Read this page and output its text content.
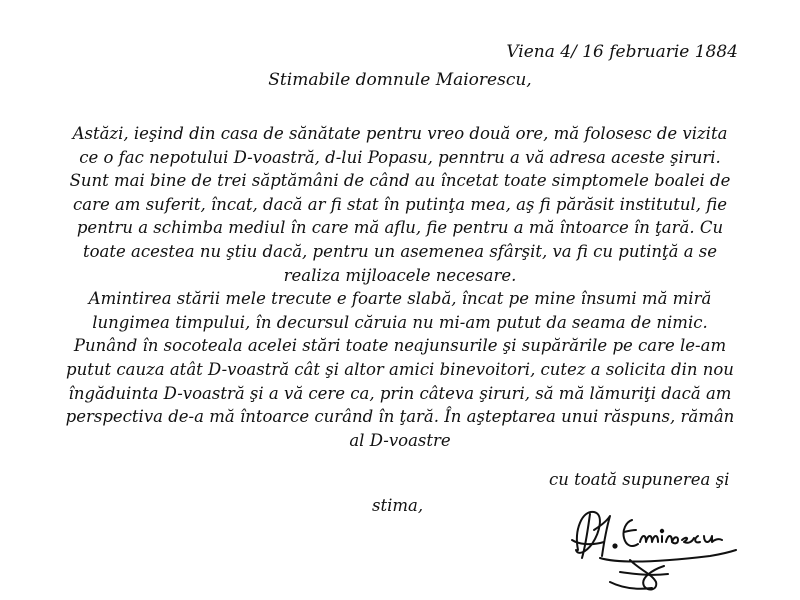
Viena 4/ 16 februarie 1884
Stimabile domnule Maiorescu,

Astăzi, ieşind din casa de sănătate pentru vreo două ore, mă folosesc de vizita ce o fac nepotului D-voastră, d-lui Popasu, penntru a vă adresa aceste şiruri. Sunt mai bine de trei săptămâni de când au încetat toate simptomele boalei de care am suferit, încat, dacă ar fi stat în putinţa mea, aş fi părăsit institutul, fie pentru a schimba mediul în care mă aflu, fie pentru a mă întoarce în ţară. Cu toate acestea nu ştiu dacă, pentru un asemenea sfârşit, va fi cu putinţă a se realiza mijloacele necesare.

Amintirea stării mele trecute e foarte slabă, încat pe mine însumi mă miră lungimea timpului, în decursul căruia nu mi-am putut da seama de nimic. Punând în socoteala acelei stări toate neajunsurile şi supărările pe care le-am putut cauza atât D-voastră cât şi altor amici binevoitori, cutez a solicita din nou îngăduinta D-voastră şi a vă cere ca, prin câteva şiruri, să mă lămuriţi dacă am perspectiva de-a mă întoarce curând în ţară. În aşteptarea unui răspuns, rămân al D-voastre

cu toată supunerea şi
stima,
